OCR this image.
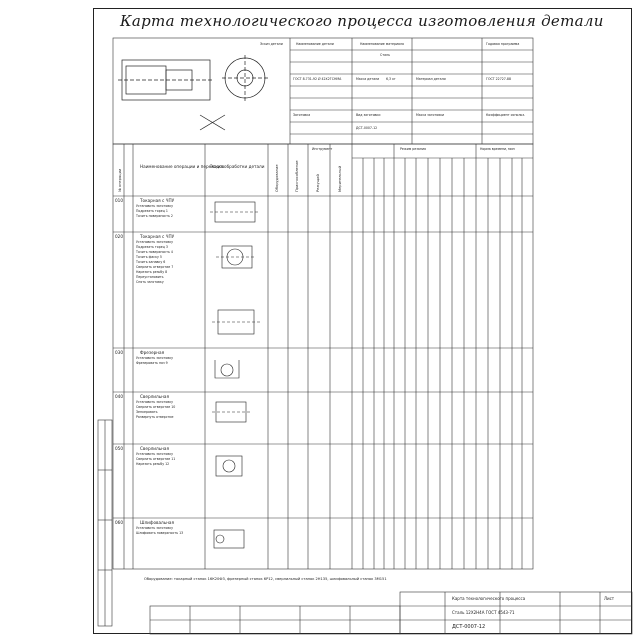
Карта технологического процесса изготовления детали
Эскиз детали	Наименование детали	Наименование материала	Годовая программа
Сталь
ГОСТ 8.731-92 Ø 42Х2ГСНМА	Масса детали 6,3 кг	Материал детали	ГОСТ 22727-88
Заготовка	Вид заготовки	Масса заготовки	Коэффициент использ.
ДСТ-0007-12
№ операции
Наименование операции и переходов
Эскиз обработки детали	Оборудование	Приспособление
Инструмент
Режущий	Мерительный
Режим резания	Норма времени, мин
010	Токарная с ЧПУ
Установить заготовку
Подрезать торец 1
Точить поверхность 2
020	Токарная с ЧПУ
Установить заготовку
Подрезать торец 3
Точить поверхность 4
Точить фаску 5
Точить канавку 6
Сверлить отверстие 7
Нарезать резьбу 8
Переустановить
Снять заготовку
030	Фрезерная
Установить заготовку
Фрезеровать паз 9
040	Сверлильная
Установить заготовку
Сверлить отверстие 10
Зенкеровать
Развернуть отверстие
050	Сверлильная
Установить заготовку
Сверлить отверстие 11
Нарезать резьбу 12
060	Шлифовальная
Установить заготовку
Шлифовать поверхность 13
Оборудование: токарный станок 16К20Ф3, фрезерный станок 6Р12, сверлильный станок 2Н135, шлифовальный станок 3М151
ДСТ-0007-12
Карта технологического процесса
Сталь 12Х2Н4А ГОСТ 4543-71
Лист
